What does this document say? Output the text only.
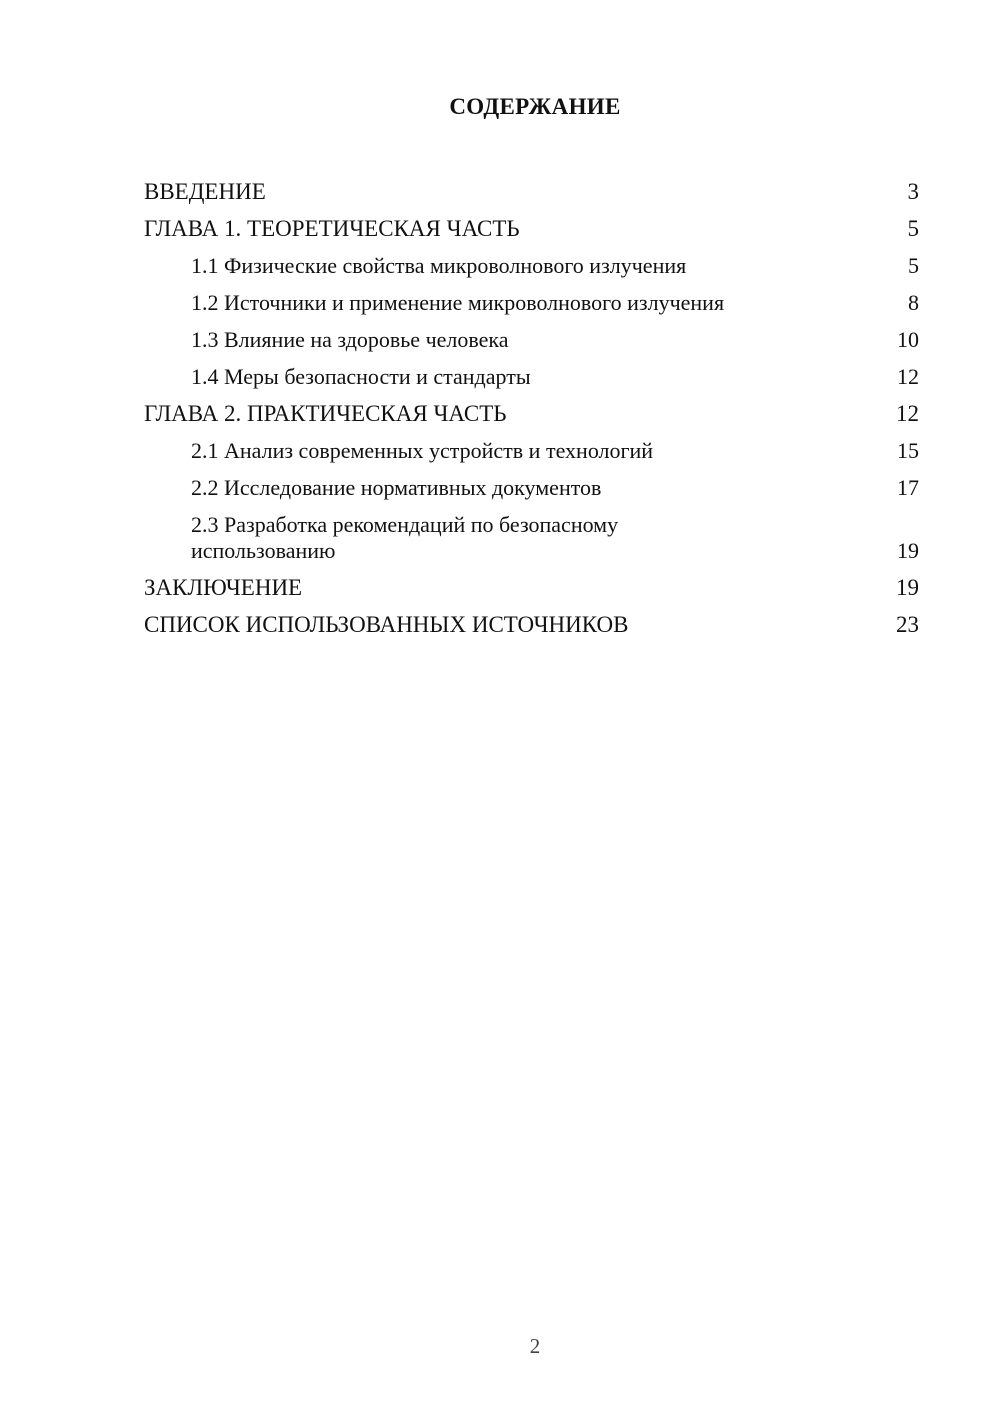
СОДЕРЖАНИЕ
ВВЕДЕНИЕ	3
ГЛАВА 1. ТЕОРЕТИЧЕСКАЯ ЧАСТЬ	5
1.1 Физические свойства микроволнового излучения	5
1.2 Источники и применение микроволнового излучения	8
1.3 Влияние на здоровье человека	10
1.4 Меры безопасности и стандарты	12
ГЛАВА 2. ПРАКТИЧЕСКАЯ ЧАСТЬ	12
2.1 Анализ современных устройств и технологий	15
2.2 Исследование нормативных документов	17
2.3 Разработка рекомендаций по безопасному использованию	19
ЗАКЛЮЧЕНИЕ	19
СПИСОК ИСПОЛЬЗОВАННЫХ ИСТОЧНИКОВ	23
2
